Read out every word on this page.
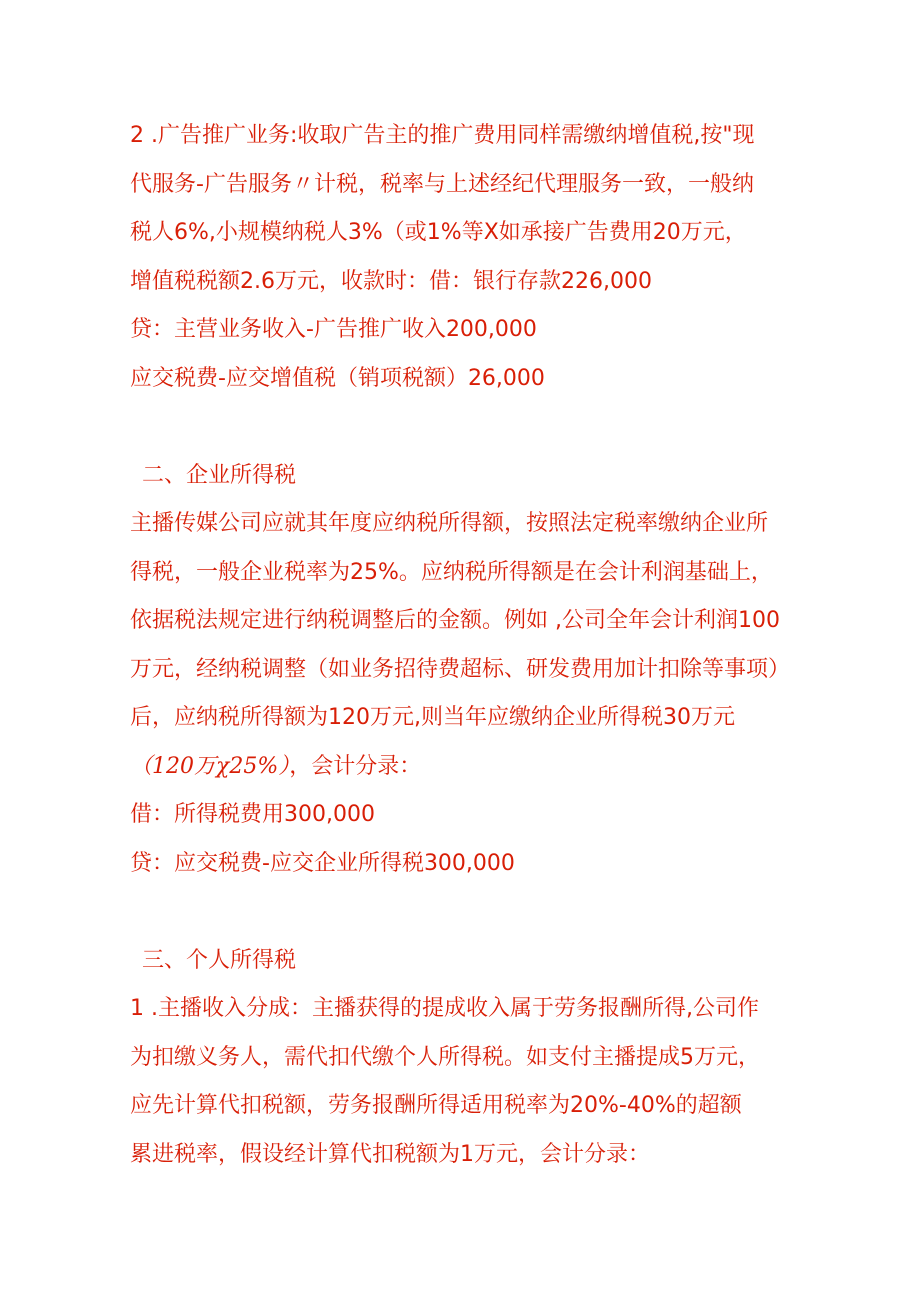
2 .广告推广业务:收取广告主的推广费用同样需缴纳增值税,按"现
代服务-广告服务〃计税，税率与上述经纪代理服务一致，一般纳
税人6%,小规模纳税人3%（或1%等X如承接广告费用20万元，
增值税税额2.6万元，收款时：借：银行存款226,000
贷：主营业务收入-广告推广收入200,000
应交税费-应交增值税（销项税额）26,000
二、企业所得税
主播传媒公司应就其年度应纳税所得额，按照法定税率缴纳企业所
得税，一般企业税率为25%。应纳税所得额是在会计利润基础上，
依据税法规定进行纳税调整后的金额。例如 ,公司全年会计利润100
万元，经纳税调整（如业务招待费超标、研发费用加计扣除等事项）
后，应纳税所得额为120万元,则当年应缴纳企业所得税30万元
（120万χ25%），会计分录：
借：所得税费用300,000
贷：应交税费-应交企业所得税300,000
三、个人所得税
1 .主播收入分成：主播获得的提成收入属于劳务报酬所得,公司作
为扣缴义务人，需代扣代缴个人所得税。如支付主播提成5万元，
应先计算代扣税额，劳务报酬所得适用税率为20%-40%的超额
累进税率，假设经计算代扣税额为1万元，会计分录：
